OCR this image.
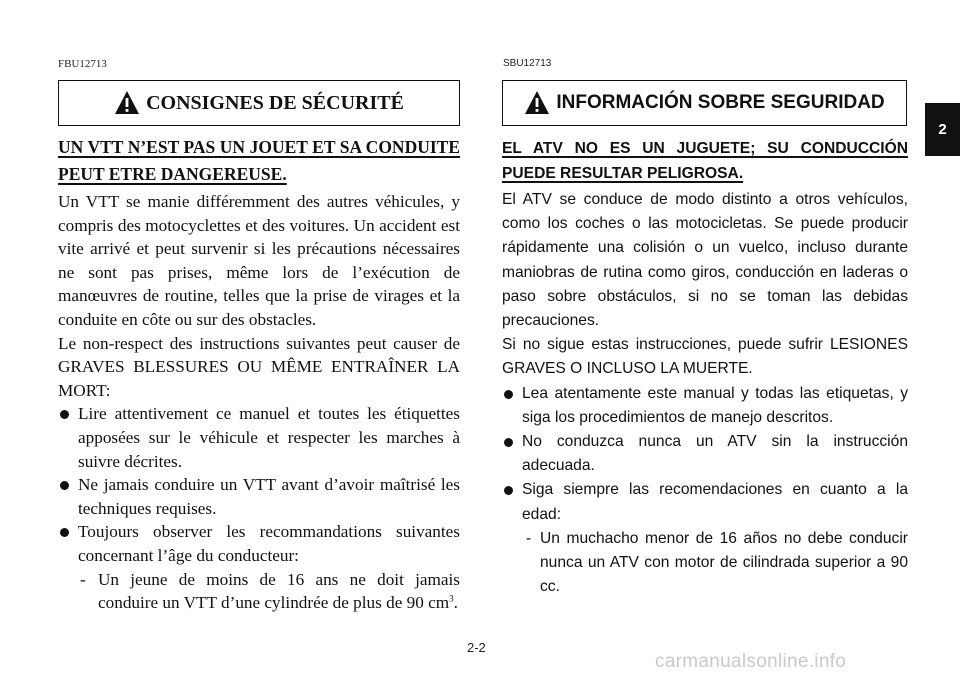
FBU12713
CONSIGNES DE SÉCURITÉ

UN VTT N’EST PAS UN JOUET ET SA CONDUITE PEUT ETRE DANGEREUSE.

Un VTT se manie différemment des autres véhicules, y compris des motocyclettes et des voitures. Un accident est vite arrivé et peut survenir si les précautions nécessaires ne sont pas prises, même lors de l’exécution de manœuvres de routine, telles que la prise de virages et la conduite en côte ou sur des obstacles.

Le non-respect des instructions suivantes peut causer de GRAVES BLESSURES OU MÊME ENTRAÎNER LA MORT:

Lire attentivement ce manuel et toutes les étiquettes apposées sur le véhicule et respecter les marches à suivre décrites.
Ne jamais conduire un VTT avant d’avoir maîtrisé les techniques requises.
Toujours observer les recommandations suivantes concernant l’âge du conducteur:
- Un jeune de moins de 16 ans ne doit jamais conduire un VTT d’une cylindrée de plus de 90 $cm^3$.
SBU12713
INFORMACIÓN SOBRE SEGURIDAD

EL ATV NO ES UN JUGUETE; SU CONDUCCIÓN PUEDE RESULTAR PELIGROSA.

El ATV se conduce de modo distinto a otros vehículos, como los coches o las motocicletas. Se puede producir rápidamente una colisión o un vuelco, incluso durante maniobras de rutina como giros, conducción en laderas o paso sobre obstáculos, si no se toman las debidas precauciones.

Si no sigue estas instrucciones, puede sufrir LESIONES GRAVES O INCLUSO LA MUERTE.

Lea atentamente este manual y todas las etiquetas, y siga los procedimientos de manejo descritos.
No conduzca nunca un ATV sin la instrucción adecuada.
Siga siempre las recomendaciones en cuanto a la edad:
- Un muchacho menor de 16 años no debe conducir nunca un ATV con motor de cilindrada superior a 90 cc.
2-2
2
carmanualsonline.info
